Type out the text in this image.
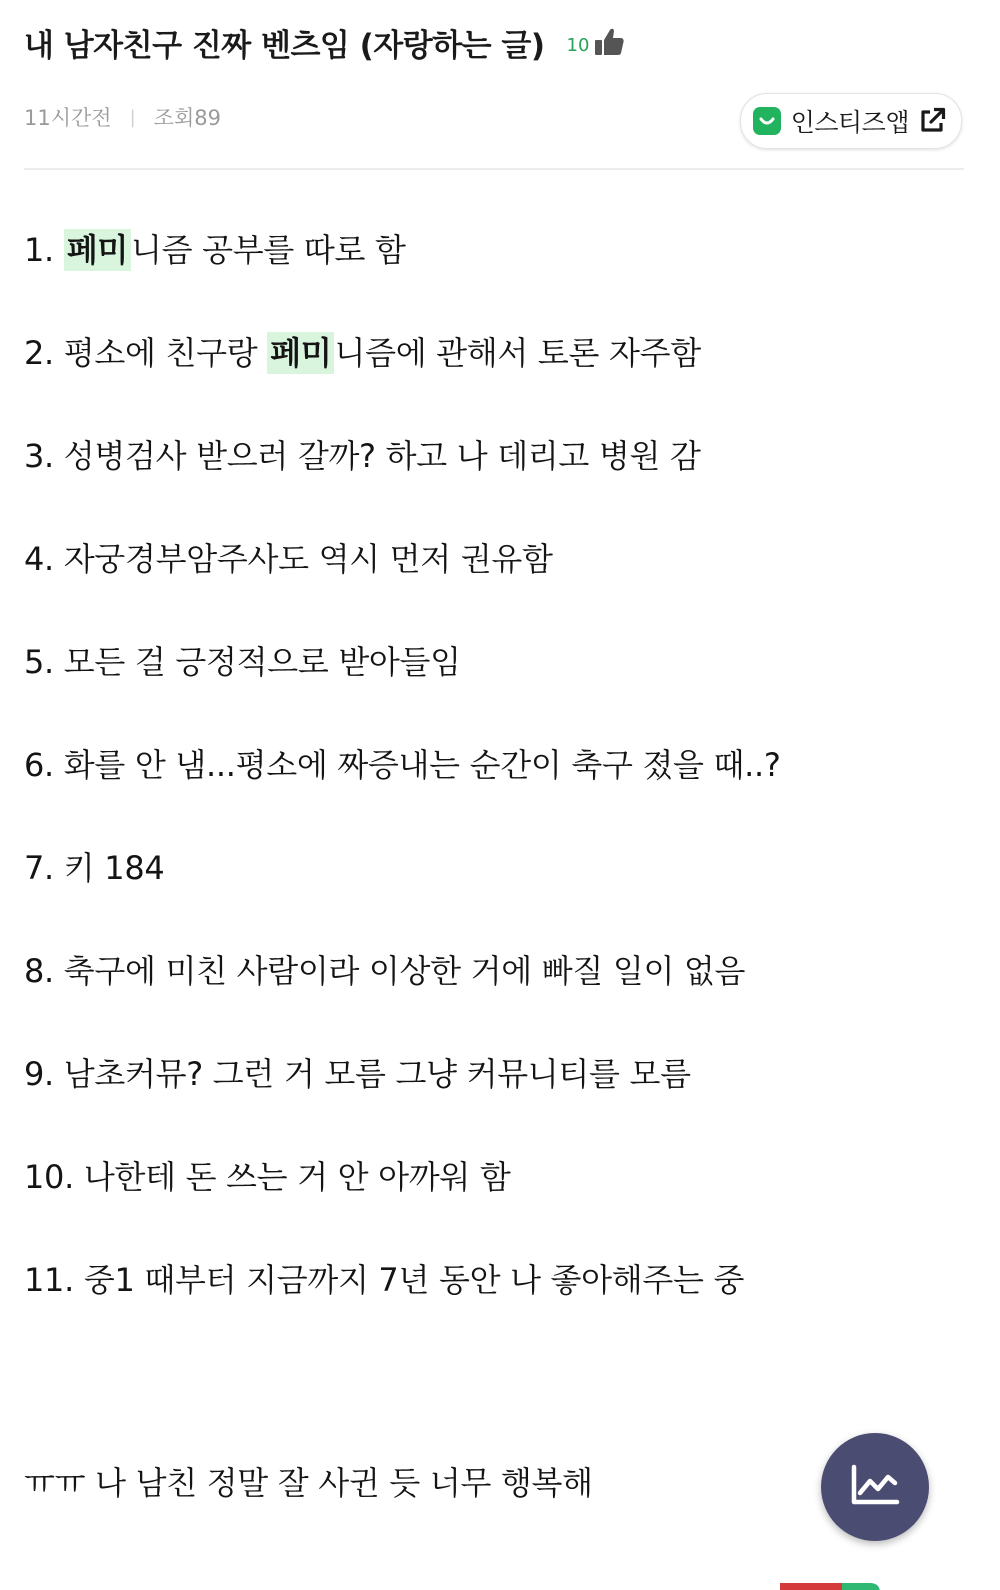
내 남자친구 진짜 벤츠임 (자랑하는 글) 10
11시간전 | 조회89	인스티즈앱
1. 페미니즘 공부를 따로 함
2. 평소에 친구랑 페미니즘에 관해서 토론 자주함
3. 성병검사 받으러 갈까? 하고 나 데리고 병원 감
4. 자궁경부암주사도 역시 먼저 권유함
5. 모든 걸 긍정적으로 받아들임
6. 화를 안 냄...평소에 짜증내는 순간이 축구 졌을 때..?
7. 키 184
8. 축구에 미친 사람이라 이상한 거에 빠질 일이 없음
9. 남초커뮤? 그런 거 모름 그냥 커뮤니티를 모름
10. 나한테 돈 쓰는 거 안 아까워 함
11. 중1 때부터 지금까지 7년 동안 나 좋아해주는 중
ㅠㅠ 나 남친 정말 잘 사귄 듯 너무 행복해
